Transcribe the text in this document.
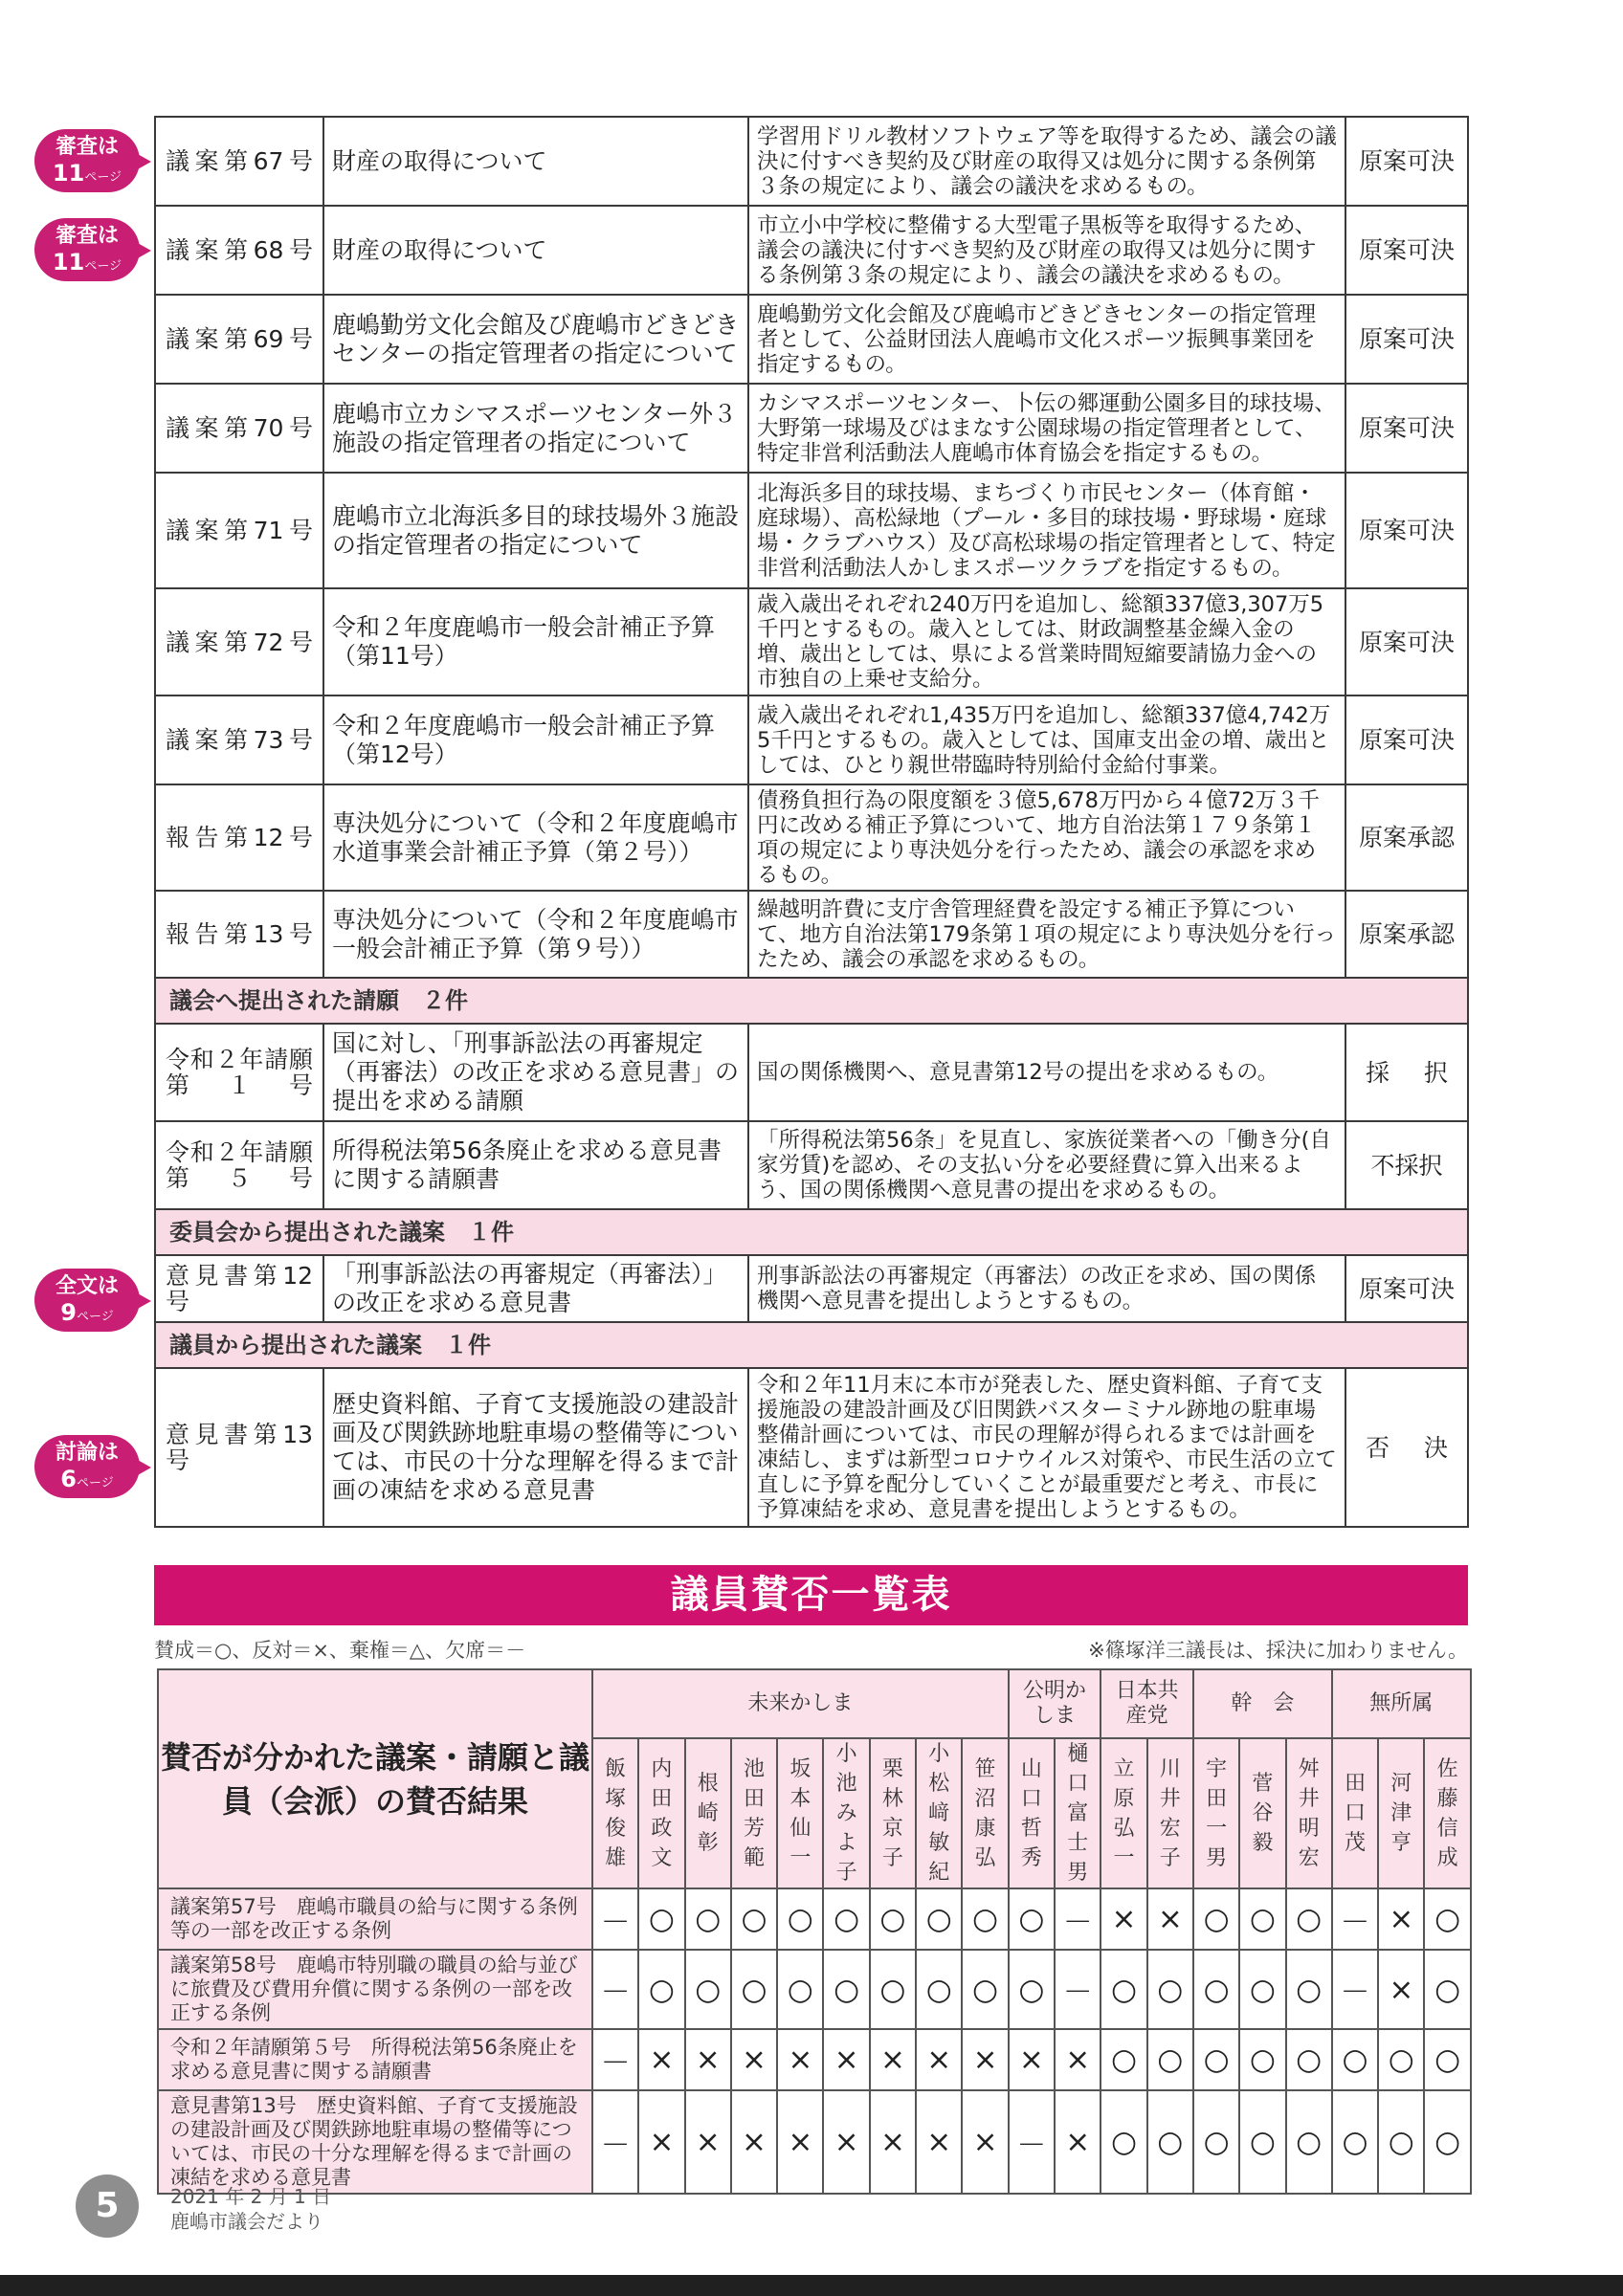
議案第67号	財産の取得について	学習用ドリル教材ソフトウェア等を取得するため、議会の議決に付すべき契約及び財産の取得又は処分に関する条例第３条の規定により、議会の議決を求めるもの。	原案可決
議案第68号	財産の取得について	市立小中学校に整備する大型電子黒板等を取得するため、議会の議決に付すべき契約及び財産の取得又は処分に関する条例第３条の規定により、議会の議決を求めるもの。	原案可決
議案第69号	鹿嶋勤労文化会館及び鹿嶋市どきどきセンターの指定管理者の指定について	鹿嶋勤労文化会館及び鹿嶋市どきどきセンターの指定管理者として、公益財団法人鹿嶋市文化スポーツ振興事業団を指定するもの。	原案可決
議案第70号	鹿嶋市立カシマスポーツセンター外３施設の指定管理者の指定について	カシマスポーツセンター、卜伝の郷運動公園多目的球技場、大野第一球場及びはまなす公園球場の指定管理者として、特定非営利活動法人鹿嶋市体育協会を指定するもの。	原案可決
議案第71号	鹿嶋市立北海浜多目的球技場外３施設の指定管理者の指定について	北海浜多目的球技場、まちづくり市民センター（体育館・庭球場）、高松緑地（プール・多目的球技場・野球場・庭球場・クラブハウス）及び高松球場の指定管理者として、特定非営利活動法人かしまスポーツクラブを指定するもの。	原案可決
議案第72号	令和２年度鹿嶋市一般会計補正予算（第11号）	歳入歳出それぞれ240万円を追加し、総額337億3,307万5千円とするもの。歳入としては、財政調整基金繰入金の増、歳出としては、県による営業時間短縮要請協力金への市独自の上乗せ支給分。	原案可決
議案第73号	令和２年度鹿嶋市一般会計補正予算（第12号）	歳入歳出それぞれ1,435万円を追加し、総額337億4,742万5千円とするもの。歳入としては、国庫支出金の増、歳出としては、ひとり親世帯臨時特別給付金給付事業。	原案可決
報告第12号	専決処分について（令和２年度鹿嶋市水道事業会計補正予算（第２号））	債務負担行為の限度額を３億5,678万円から４億72万３千円に改める補正予算について、地方自治法第１７９条第１項の規定により専決処分を行ったため、議会の承認を求めるもの。	原案承認
報告第13号	専決処分について（令和２年度鹿嶋市一般会計補正予算（第９号））	繰越明許費に支庁舎管理経費を設定する補正予算について、地方自治法第179条第１項の規定により専決処分を行ったため、議会の承認を求めるもの。	原案承認
議会へ提出された請願　２件			
令和２年請願第１号	国に対し、「刑事訴訟法の再審規定（再審法）の改正を求める意見書」の提出を求める請願	国の関係機関へ、意見書第12号の提出を求めるもの。	採択
令和２年請願第５号	所得税法第56条廃止を求める意見書に関する請願書	「所得税法第56条」を見直し、家族従業者への「働き分(自家労賃)を認め、その支払い分を必要経費に算入出来るよう、国の関係機関へ意見書の提出を求めるもの。	不採択
委員会から提出された議案　１件			
意見書第12号	「刑事訴訟法の再審規定（再審法）」の改正を求める意見書	刑事訴訟法の再審規定（再審法）の改正を求め、国の関係機関へ意見書を提出しようとするもの。	原案可決
議員から提出された議案　１件			
意見書第13号	歴史資料館、子育て支援施設の建設計画及び関鉄跡地駐車場の整備等については、市民の十分な理解を得るまで計画の凍結を求める意見書	令和２年11月末に本市が発表した、歴史資料館、子育て支援施設の建設計画及び旧関鉄バスターミナル跡地の駐車場整備計画については、市民の理解が得られるまでは計画を凍結し、まずは新型コロナウイルス対策や、市民生活の立て直しに予算を配分していくことが最重要だと考え、市長に予算凍結を求め、意見書を提出しようとするもの。	否決
審査は
11ページ
審査は
11ページ
全文は
9ページ
討論は
6ページ
議員賛否一覧表
賛成＝○、反対＝×、棄権＝△、欠席＝－	※篠塚洋三議長は、採決に加わりません。
賛否が分かれた議案・請願と議員（会派）の賛否結果	未来かしま									公明かしま		日本共産党		幹　会			無所属		
	飯塚俊雄	内田政文	根崎彰	池田芳範	坂本仙一	小池みよ子	栗林京子	小松﨑敏紀	笹沼康弘	山口哲秀	樋口富士男	立原弘一	川井宏子	宇田一男	菅谷毅	舛井明宏	田口茂	河津亨	佐藤信成
議案第57号　鹿嶋市職員の給与に関する条例等の一部を改正する条例	－	○	○	○	○	○	○	○	○	○	－	×	×	○	○	○	－	×	○
議案第58号　鹿嶋市特別職の職員の給与並びに旅費及び費用弁償に関する条例の一部を改正する条例	－	○	○	○	○	○	○	○	○	○	－	○	○	○	○	○	－	×	○
令和２年請願第５号　所得税法第56条廃止を求める意見書に関する請願書	－	×	×	×	×	×	×	×	×	×	×	○	○	○	○	○	○	○	○
意見書第13号　歴史資料館、子育て支援施設の建設計画及び関鉄跡地駐車場の整備等については、市民の十分な理解を得るまで計画の凍結を求める意見書	－	×	×	×	×	×	×	×	×	－	×	○	○	○	○	○	○	○	○
5	2021 年 2 月 1 日
鹿嶋市議会だより
